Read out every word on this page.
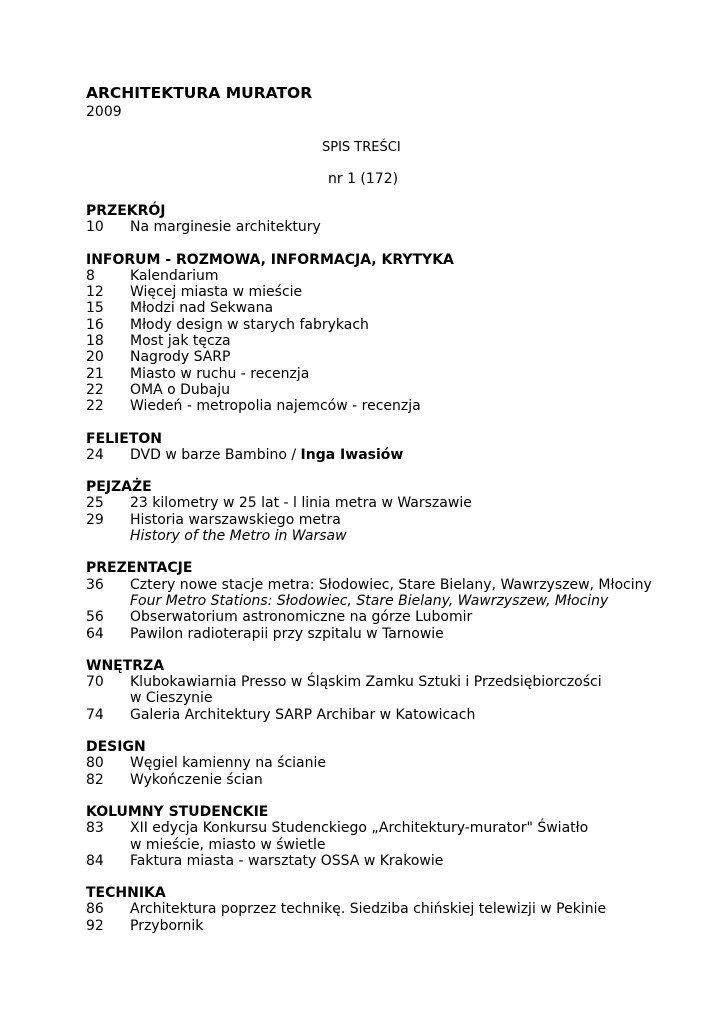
ARCHITEKTURA MURATOR
2009
SPIS TREŚCI
nr 1 (172)
PRZEKRÓJ
10	Na marginesie architektury
INFORUM - ROZMOWA, INFORMACJA, KRYTYKA
8	Kalendarium
12	Więcej miasta w mieście
15	Młodzi nad Sekwana
16	Młody design w starych fabrykach
18	Most jak tęcza
20	Nagrody SARP
21	Miasto w ruchu - recenzja
22	OMA o Dubaju
22	Wiedeń - metropolia najemców - recenzja
FELIETON
24	DVD w barze Bambino / Inga Iwasiów
PEJZAŻE
25	23 kilometry w 25 lat - l linia metra w Warszawie
29	Historia warszawskiego metra
History of the Metro in Warsaw
PREZENTACJE
36	Cztery nowe stacje metra: Słodowiec, Stare Bielany, Wawrzyszew, Młociny
Four Metro Stations: Słodowiec, Stare Bielany, Wawrzyszew, Młociny
56	Obserwatorium astronomiczne na górze Lubomir
64	Pawilon radioterapii przy szpitalu w Tarnowie
WNĘTRZA
70	Klubokawiarnia Presso w Śląskim Zamku Sztuki i Przedsiębiorczości
w Cieszynie
74	Galeria Architektury SARP Archibar w Katowicach
DESIGN
80	Węgiel kamienny na ścianie
82	Wykończenie ścian
KOLUMNY STUDENCKIE
83	XII edycja Konkursu Studenckiego „Architektury-murator" Światło
w mieście, miasto w świetle
84	Faktura miasta - warsztaty OSSA w Krakowie
TECHNIKA
86	Architektura poprzez technikę. Siedziba chińskiej telewizji w Pekinie
92	Przybornik
